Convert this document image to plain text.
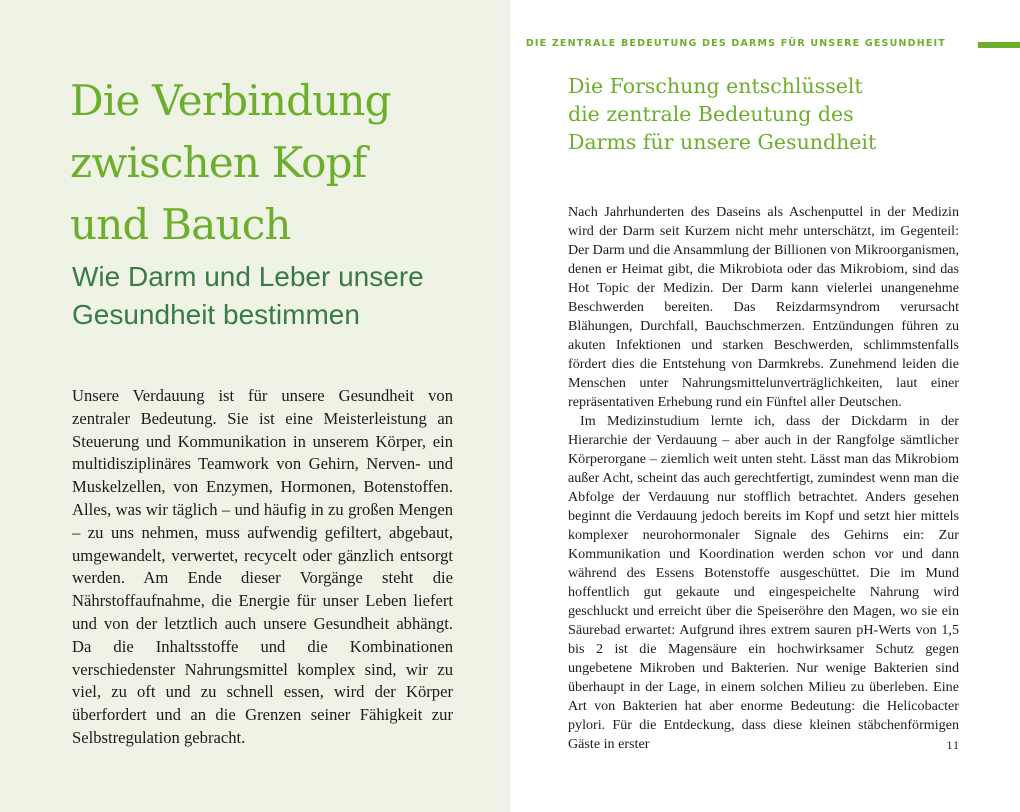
Die Verbindung
zwischen Kopf
und Bauch
Wie Darm und Leber unsere
Gesundheit bestimmen

Unsere Verdauung ist für unsere Gesundheit von zentraler Bedeutung. Sie ist eine Meisterleistung an Steuerung und Kommunikation in unserem Körper, ein multidisziplinäres Teamwork von Gehirn, Nerven- und Muskelzellen, von Enzymen, Hormonen, Botenstoffen. Alles, was wir täglich – und häufig in zu großen Mengen – zu uns nehmen, muss aufwendig gefiltert, abgebaut, umgewandelt, verwertet, recycelt oder gänzlich entsorgt werden. Am Ende dieser Vorgänge steht die Nährstoffaufnahme, die Energie für unser Leben liefert und von der letztlich auch unsere Gesundheit abhängt. Da die Inhaltsstoffe und die Kombinationen verschiedenster Nahrungsmittel komplex sind, wir zu viel, zu oft und zu schnell essen, wird der Körper überfordert und an die Grenzen seiner Fähigkeit zur Selbstregulation gebracht.

DIE ZENTRALE BEDEUTUNG DES DARMS FÜR UNSERE GESUNDHEIT
Die Forschung entschlüsselt
die zentrale Bedeutung des
Darms für unsere Gesundheit

Nach Jahrhunderten des Daseins als Aschenputtel in der Medizin wird der Darm seit Kurzem nicht mehr unterschätzt, im Gegenteil: Der Darm und die Ansammlung der Billionen von Mikroorganismen, denen er Heimat gibt, die Mikrobiota oder das Mikrobiom, sind das Hot Topic der Medizin. Der Darm kann vielerlei unangenehme Beschwerden bereiten. Das Reizdarmsyndrom verursacht Blähungen, Durchfall, Bauchschmerzen. Entzündungen führen zu akuten Infektionen und starken Beschwerden, schlimmstenfalls fördert dies die Entstehung von Darmkrebs. Zunehmend leiden die Menschen unter Nahrungsmittelunverträglichkeiten, laut einer repräsentativen Erhebung rund ein Fünftel aller Deutschen.

Im Medizinstudium lernte ich, dass der Dickdarm in der Hierarchie der Verdauung – aber auch in der Rangfolge sämtlicher Körperorgane – ziemlich weit unten steht. Lässt man das Mikrobiom außer Acht, scheint das auch gerechtfertigt, zumindest wenn man die Abfolge der Verdauung nur stofflich betrachtet. Anders gesehen beginnt die Verdauung jedoch bereits im Kopf und setzt hier mittels komplexer neurohormonaler Signale des Gehirns ein: Zur Kommunikation und Koordination werden schon vor und dann während des Essens Botenstoffe ausgeschüttet. Die im Mund hoffentlich gut gekaute und eingespeichelte Nahrung wird geschluckt und erreicht über die Speiseröhre den Magen, wo sie ein Säurebad erwartet: Aufgrund ihres extrem sauren pH-Werts von 1,5 bis 2 ist die Magensäure ein hochwirksamer Schutz gegen ungebetene Mikroben und Bakterien. Nur wenige Bakterien sind überhaupt in der Lage, in einem solchen Milieu zu überleben. Eine Art von Bakterien hat aber enorme Bedeutung: die Helicobacter pylori. Für die Entdeckung, dass diese kleinen stäbchenförmigen Gäste in erster	11
